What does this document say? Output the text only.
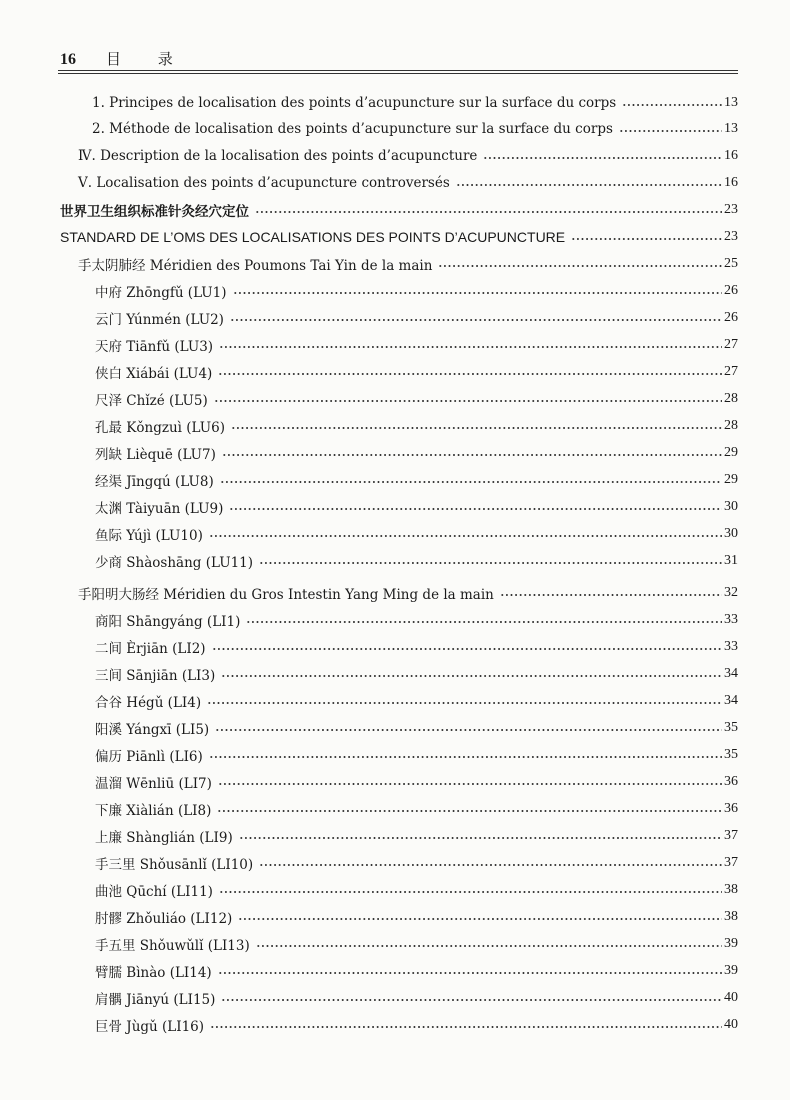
16 目 录
1. Principes de localisation des points d’acupuncture sur la surface du corps	13
2. Méthode de localisation des points d’acupuncture sur la surface du corps	13
Ⅳ. Description de la localisation des points d’acupuncture	16
Ⅴ. Localisation des points d’acupuncture controversés	16
世界卫生组织标准针灸经穴定位	23
STANDARD DE L’OMS DES LOCALISATIONS DES POINTS D’ACUPUNCTURE	23
手太阴肺经 Méridien des Poumons Tai Yin de la main	25
中府 Zhōngfǔ (LU1)	26
云门 Yúnmén (LU2)	26
天府 Tiānfǔ (LU3)	27
侠白 Xiábái (LU4)	27
尺泽 Chǐzé (LU5)	28
孔最 Kǒngzuì (LU6)	28
列缺 Lièquē (LU7)	29
经渠 Jīngqú (LU8)	29
太渊 Tàiyuān (LU9)	30
鱼际 Yújì (LU10)	30
少商 Shàoshāng (LU11)	31
手阳明大肠经 Méridien du Gros Intestin Yang Ming de la main	32
商阳 Shāngyáng (LI1)	33
二间 Èrjiān (LI2)	33
三间 Sānjiān (LI3)	34
合谷 Hégǔ (LI4)	34
阳溪 Yángxī (LI5)	35
偏历 Piānlì (LI6)	35
温溜 Wēnliū (LI7)	36
下廉 Xiàlián (LI8)	36
上廉 Shànglián (LI9)	37
手三里 Shǒusānlǐ (LI10)	37
曲池 Qūchí (LI11)	38
肘髎 Zhǒuliáo (LI12)	38
手五里 Shǒuwǔlǐ (LI13)	39
臂臑 Bìnào (LI14)	39
肩髃 Jiānyú (LI15)	40
巨骨 Jùgǔ (LI16)	40
